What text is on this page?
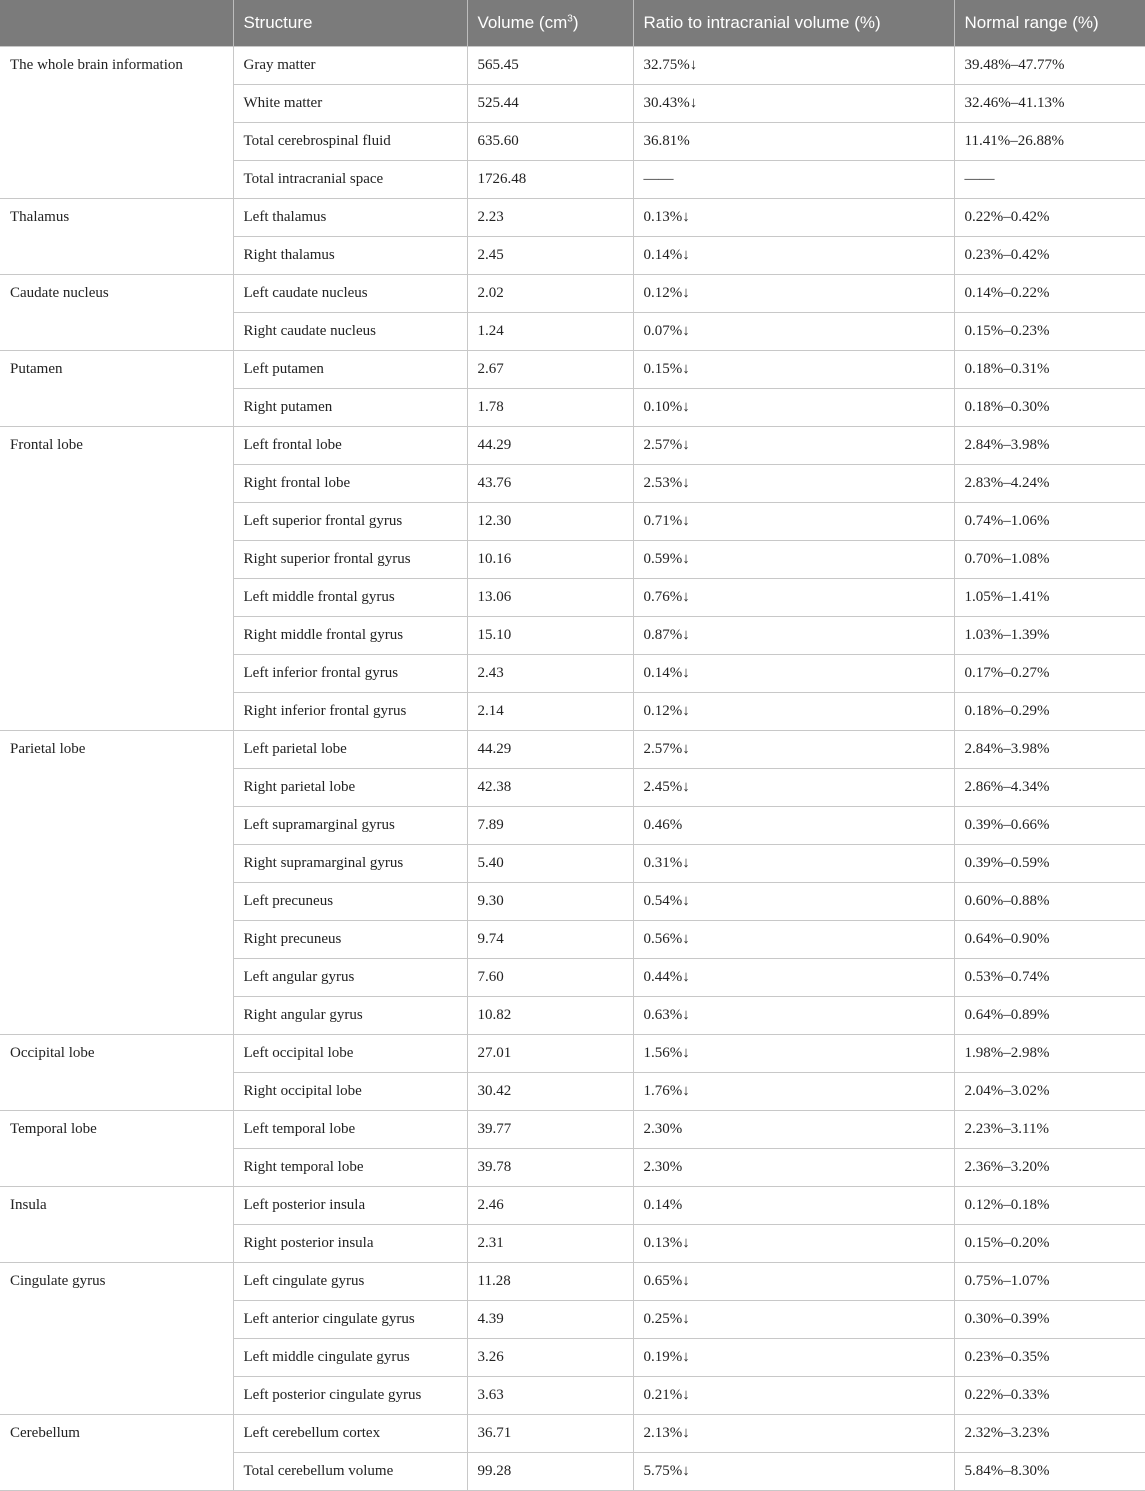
	Structure	Volume $(cm^3)$	Ratio to intracranial volume (%)	Normal range (%)
The whole brain information	Gray matter	565.45	32.75%↓	39.48%–47.77%
	White matter	525.44	30.43%↓	32.46%–41.13%
	Total cerebrospinal fluid	635.60	36.81%	11.41%–26.88%
	Total intracranial space	1726.48	——	——
Thalamus	Left thalamus	2.23	0.13%↓	0.22%–0.42%
	Right thalamus	2.45	0.14%↓	0.23%–0.42%
Caudate nucleus	Left caudate nucleus	2.02	0.12%↓	0.14%–0.22%
	Right caudate nucleus	1.24	0.07%↓	0.15%–0.23%
Putamen	Left putamen	2.67	0.15%↓	0.18%–0.31%
	Right putamen	1.78	0.10%↓	0.18%–0.30%
Frontal lobe	Left frontal lobe	44.29	2.57%↓	2.84%–3.98%
	Right frontal lobe	43.76	2.53%↓	2.83%–4.24%
	Left superior frontal gyrus	12.30	0.71%↓	0.74%–1.06%
	Right superior frontal gyrus	10.16	0.59%↓	0.70%–1.08%
	Left middle frontal gyrus	13.06	0.76%↓	1.05%–1.41%
	Right middle frontal gyrus	15.10	0.87%↓	1.03%–1.39%
	Left inferior frontal gyrus	2.43	0.14%↓	0.17%–0.27%
	Right inferior frontal gyrus	2.14	0.12%↓	0.18%–0.29%
Parietal lobe	Left parietal lobe	44.29	2.57%↓	2.84%–3.98%
	Right parietal lobe	42.38	2.45%↓	2.86%–4.34%
	Left supramarginal gyrus	7.89	0.46%	0.39%–0.66%
	Right supramarginal gyrus	5.40	0.31%↓	0.39%–0.59%
	Left precuneus	9.30	0.54%↓	0.60%–0.88%
	Right precuneus	9.74	0.56%↓	0.64%–0.90%
	Left angular gyrus	7.60	0.44%↓	0.53%–0.74%
	Right angular gyrus	10.82	0.63%↓	0.64%–0.89%
Occipital lobe	Left occipital lobe	27.01	1.56%↓	1.98%–2.98%
	Right occipital lobe	30.42	1.76%↓	2.04%–3.02%
Temporal lobe	Left temporal lobe	39.77	2.30%	2.23%–3.11%
	Right temporal lobe	39.78	2.30%	2.36%–3.20%
Insula	Left posterior insula	2.46	0.14%	0.12%–0.18%
	Right posterior insula	2.31	0.13%↓	0.15%–0.20%
Cingulate gyrus	Left cingulate gyrus	11.28	0.65%↓	0.75%–1.07%
	Left anterior cingulate gyrus	4.39	0.25%↓	0.30%–0.39%
	Left middle cingulate gyrus	3.26	0.19%↓	0.23%–0.35%
	Left posterior cingulate gyrus	3.63	0.21%↓	0.22%–0.33%
Cerebellum	Left cerebellum cortex	36.71	2.13%↓	2.32%–3.23%
	Total cerebellum volume	99.28	5.75%↓	5.84%–8.30%
